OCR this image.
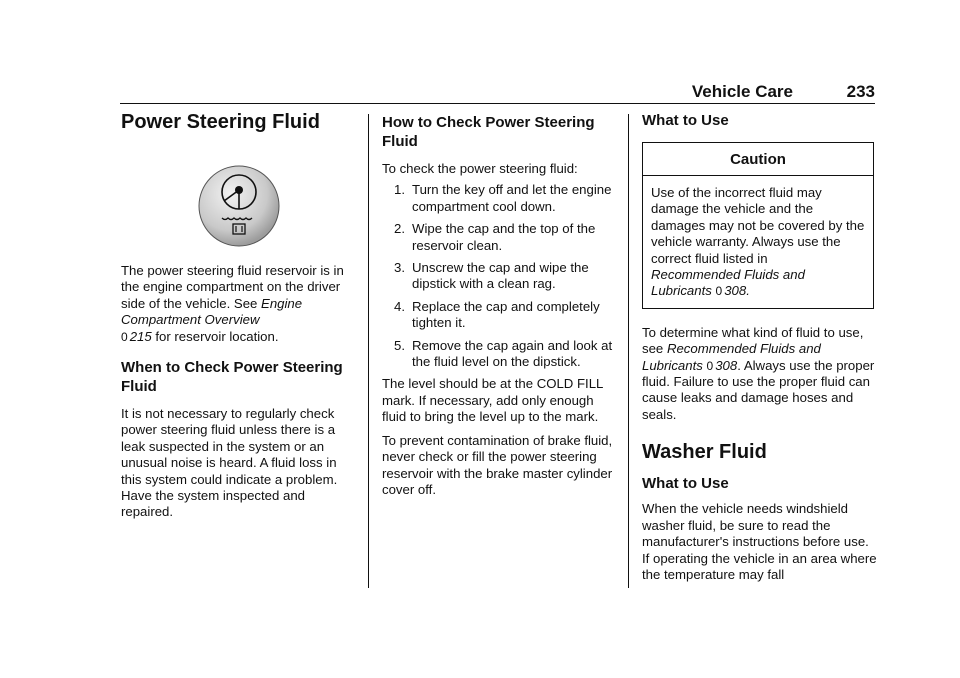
Vehicle Care	233
Power Steering Fluid

The power steering fluid reservoir is in the engine compartment on the driver side of the vehicle. See Engine Compartment Overview
0 215 for reservoir location.

When to Check Power Steering Fluid

It is not necessary to regularly check power steering fluid unless there is a leak suspected in the system or an unusual noise is heard. A fluid loss in this system could indicate a problem. Have the system inspected and repaired.

How to Check Power Steering Fluid

To check the power steering fluid:

1. Turn the key off and let the engine compartment cool down.
2. Wipe the cap and the top of the reservoir clean.
3. Unscrew the cap and wipe the dipstick with a clean rag.
4. Replace the cap and completely tighten it.
5. Remove the cap again and look at the fluid level on the dipstick.

The level should be at the COLD FILL mark. If necessary, add only enough fluid to bring the level up to the mark.

To prevent contamination of brake fluid, never check or fill the power steering reservoir with the brake master cylinder cover off.

What to Use
Caution
Use of the incorrect fluid may damage the vehicle and the damages may not be covered by the vehicle warranty. Always use the correct fluid listed in
Recommended Fluids and Lubricants 0 308.

To determine what kind of fluid to use, see Recommended Fluids and Lubricants 0 308. Always use the proper fluid. Failure to use the proper fluid can cause leaks and damage hoses and seals.

Washer Fluid
What to Use

When the vehicle needs windshield washer fluid, be sure to read the manufacturer's instructions before use. If operating the vehicle in an area where the temperature may fall
